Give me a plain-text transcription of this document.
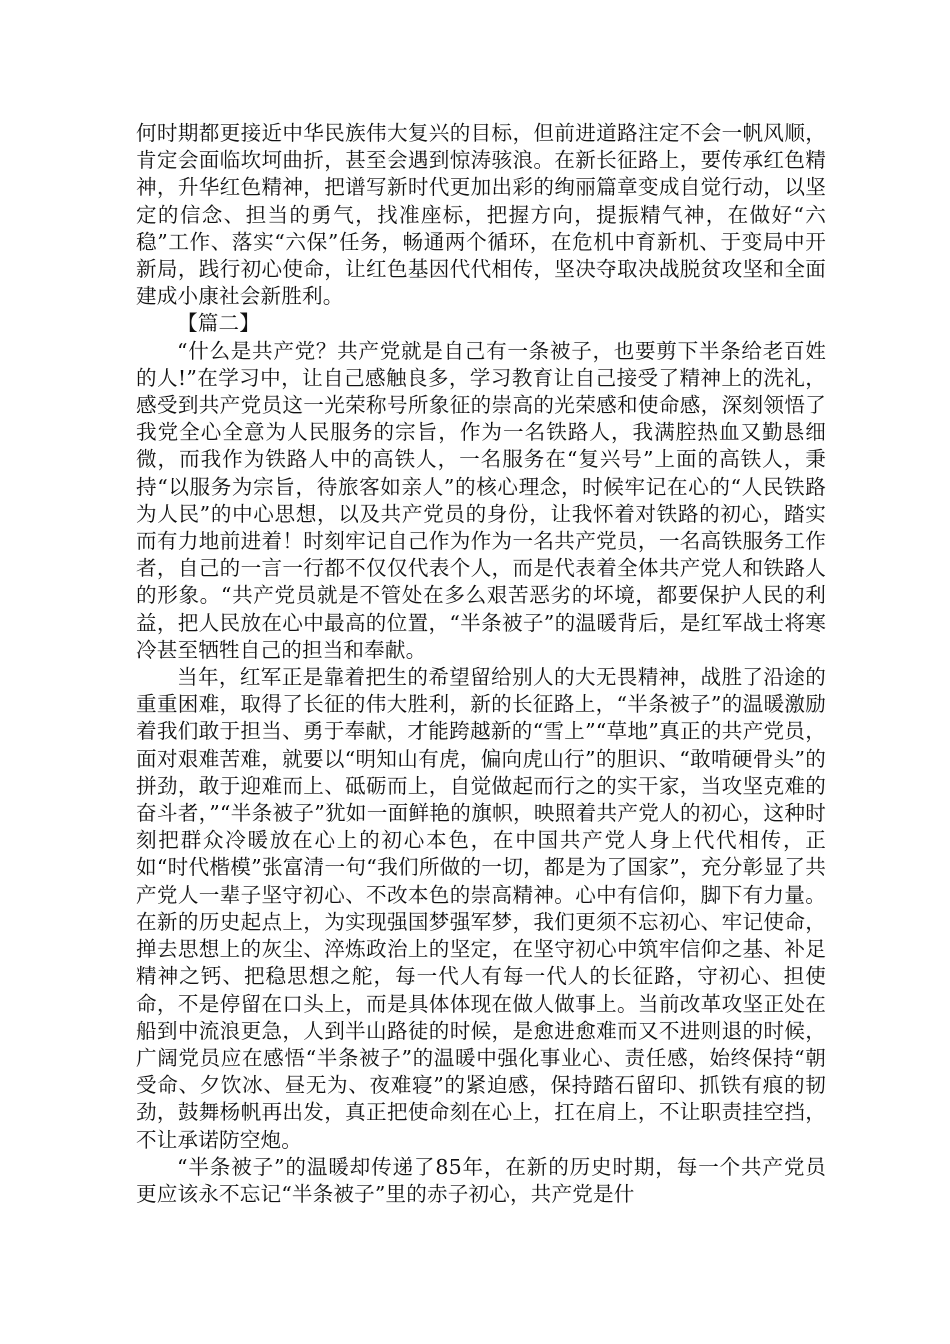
何时期都更接近中华民族伟大复兴的目标，但前进道路注定不会一帆风顺，肯定会面临坎坷曲折，甚至会遇到惊涛骇浪。在新长征路上，要传承红色精神，升华红色精神，把谱写新时代更加出彩的绚丽篇章变成自觉行动，以坚定的信念、担当的勇气，找准座标，把握方向，提振精气神，在做好“六稳”工作、落实“六保”任务，畅通两个循环，在危机中育新机、于变局中开新局，践行初心使命，让红色基因代代相传，坚决夺取决战脱贫攻坚和全面建成小康社会新胜利。

【篇二】

“什么是共产党？共产党就是自己有一条被子，也要剪下半条给老百姓的人!”在学习中，让自己感触良多，学习教育让自己接受了精神上的洗礼，感受到共产党员这一光荣称号所象征的崇高的光荣感和使命感，深刻领悟了我党全心全意为人民服务的宗旨，作为一名铁路人，我满腔热血又勤恳细微，而我作为铁路人中的高铁人，一名服务在“复兴号”上面的高铁人，秉持“以服务为宗旨，待旅客如亲人”的核心理念，时候牢记在心的“人民铁路为人民”的中心思想，以及共产党员的身份，让我怀着对铁路的初心，踏实而有力地前进着！时刻牢记自己作为作为一名共产党员，一名高铁服务工作者，自己的一言一行都不仅仅代表个人，而是代表着全体共产党人和铁路人的形象。“共产党员就是不管处在多么艰苦恶劣的坏境，都要保护人民的利益，把人民放在心中最高的位置，“半条被子”的温暖背后，是红军战士将寒冷甚至牺牲自己的担当和奉献。

当年，红军正是靠着把生的希望留给别人的大无畏精神，战胜了沿途的重重困难，取得了长征的伟大胜利，新的长征路上，“半条被子”的温暖激励着我们敢于担当、勇于奉献，才能跨越新的“雪上”“草地”真正的共产党员，面对艰难苦难，就要以“明知山有虎，偏向虎山行”的胆识、“敢啃硬骨头”的拼劲，敢于迎难而上、砥砺而上，自觉做起而行之的实干家，当攻坚克难的奋斗者，”“半条被子”犹如一面鲜艳的旗帜，映照着共产党人的初心，这种时刻把群众冷暖放在心上的初心本色，在中国共产党人身上代代相传，正如“时代楷模”张富清一句“我们所做的一切，都是为了国家”，充分彰显了共产党人一辈子坚守初心、不改本色的崇高精神。心中有信仰，脚下有力量。在新的历史起点上，为实现强国梦强军梦，我们更须不忘初心、牢记使命，掸去思想上的灰尘、淬炼政治上的坚定，在坚守初心中筑牢信仰之基、补足精神之钙、把稳思想之舵，每一代人有每一代人的长征路，守初心、担使命，不是停留在口头上，而是具体体现在做人做事上。当前改革攻坚正处在船到中流浪更急，人到半山路徒的时候，是愈进愈难而又不进则退的时候，广阔党员应在感悟“半条被子”的温暖中强化事业心、责任感，始终保持“朝受命、夕饮冰、昼无为、夜难寝”的紧迫感，保持踏石留印、抓铁有痕的韧劲，鼓舞杨帆再出发，真正把使命刻在心上，扛在肩上，不让职责挂空挡，不让承诺防空炮。

“半条被子”的温暖却传递了85年，在新的历史时期，每一个共产党员更应该永不忘记“半条被子”里的赤子初心，共产党是什
